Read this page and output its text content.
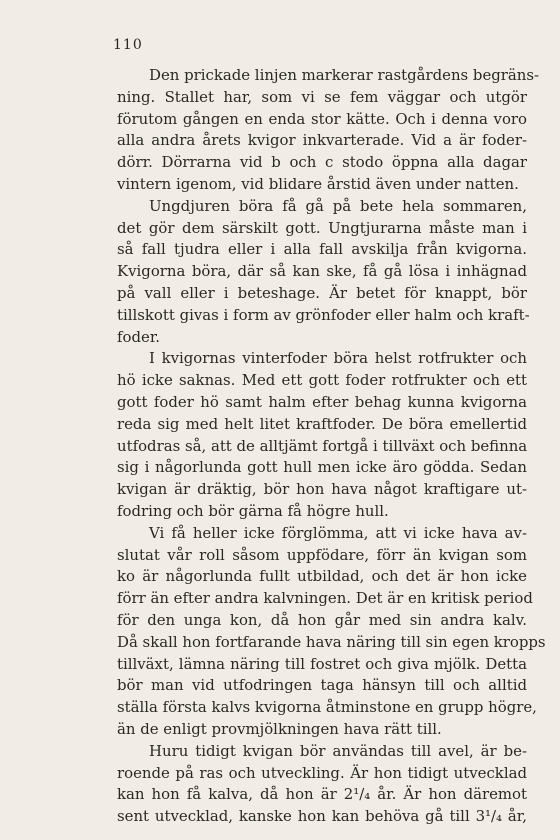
110
Den prickade linjen markerar rastgårdens begräns-
ning. Stallet har, som vi se fem väggar och utgör
förutom gången en enda stor kätte. Och i denna voro
alla andra årets kvigor inkvarterade. Vid a är foder-
dörr. Dörrarna vid b och c stodo öppna alla dagar
vintern igenom, vid blidare årstid även under natten.
Ungdjuren böra få gå på bete hela sommaren,
det gör dem särskilt gott. Ungtjurarna måste man i
så fall tjudra eller i alla fall avskilja från kvigorna.
Kvigorna böra, där så kan ske, få gå lösa i inhägnad
på vall eller i beteshage. Är betet för knappt, bör
tillskott givas i form av grönfoder eller halm och kraft-
foder.
I kvigornas vinterfoder böra helst rotfrukter och
hö icke saknas. Med ett gott foder rotfrukter och ett
gott foder hö samt halm efter behag kunna kvigorna
reda sig med helt litet kraftfoder. De böra emellertid
utfodras så, att de alltjämt fortgå i tillväxt och befinna
sig i någorlunda gott hull men icke äro gödda. Sedan
kvigan är dräktig, bör hon hava något kraftigare ut-
fodring och bör gärna få högre hull.
Vi få heller icke förglömma, att vi icke hava av-
slutat vår roll såsom uppfödare, förr än kvigan som
ko är någorlunda fullt utbildad, och det är hon icke
förr än efter andra kalvningen. Det är en kritisk period
för den unga kon, då hon går med sin andra kalv.
Då skall hon fortfarande hava näring till sin egen kropps
tillväxt, lämna näring till fostret och giva mjölk. Detta
bör man vid utfodringen taga hänsyn till och alltid
ställa första kalvs kvigorna åtminstone en grupp högre,
än de enligt provmjölkningen hava rätt till.
Huru tidigt kvigan bör användas till avel, är be-
roende på ras och utveckling. Är hon tidigt utvecklad
kan hon få kalva, då hon är 2¹/₄ år. Är hon däremot
sent utvecklad, kanske hon kan behöva gå till 3¹/₄ år,
